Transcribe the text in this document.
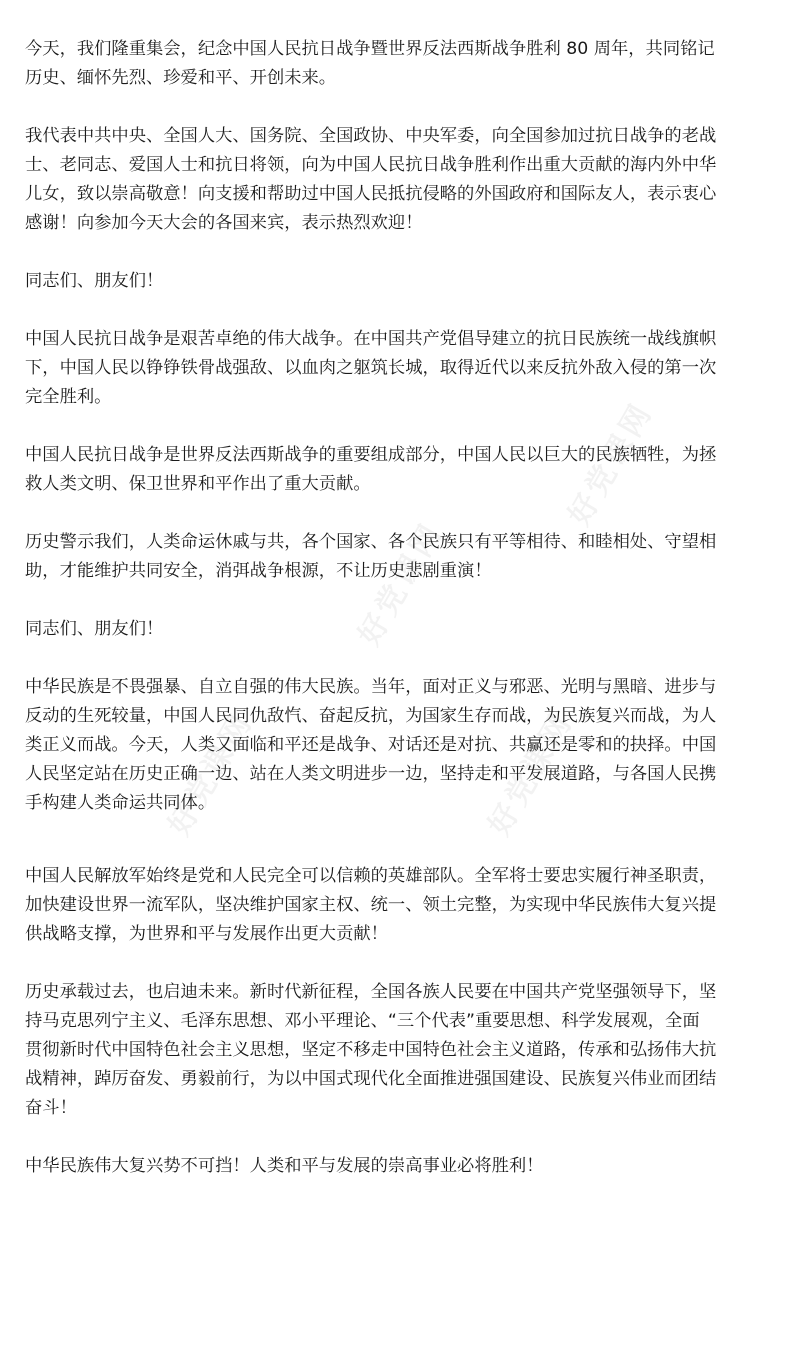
好党课网
好党课网
好党课网	好党课网

今天，我们隆重集会，纪念中国人民抗日战争暨世界反法西斯战争胜利 80 周年，共同铭记
历史、缅怀先烈、珍爱和平、开创未来。

我代表中共中央、全国人大、国务院、全国政协、中央军委，向全国参加过抗日战争的老战
士、老同志、爱国人士和抗日将领，向为中国人民抗日战争胜利作出重大贡献的海内外中华
儿女，致以崇高敬意！向支援和帮助过中国人民抵抗侵略的外国政府和国际友人，表示衷心
感谢！向参加今天大会的各国来宾，表示热烈欢迎！

同志们、朋友们！

中国人民抗日战争是艰苦卓绝的伟大战争。在中国共产党倡导建立的抗日民族统一战线旗帜
下，中国人民以铮铮铁骨战强敌、以血肉之躯筑长城，取得近代以来反抗外敌入侵的第一次
完全胜利。

中国人民抗日战争是世界反法西斯战争的重要组成部分，中国人民以巨大的民族牺牲，为拯
救人类文明、保卫世界和平作出了重大贡献。

历史警示我们，人类命运休戚与共，各个国家、各个民族只有平等相待、和睦相处、守望相
助，才能维护共同安全，消弭战争根源，不让历史悲剧重演！

同志们、朋友们！

中华民族是不畏强暴、自立自强的伟大民族。当年，面对正义与邪恶、光明与黑暗、进步与
反动的生死较量，中国人民同仇敌忾、奋起反抗，为国家生存而战，为民族复兴而战，为人
类正义而战。今天，人类又面临和平还是战争、对话还是对抗、共赢还是零和的抉择。中国
人民坚定站在历史正确一边、站在人类文明进步一边，坚持走和平发展道路，与各国人民携
手构建人类命运共同体。

中国人民解放军始终是党和人民完全可以信赖的英雄部队。全军将士要忠实履行神圣职责，
加快建设世界一流军队，坚决维护国家主权、统一、领土完整，为实现中华民族伟大复兴提
供战略支撑，为世界和平与发展作出更大贡献！

历史承载过去，也启迪未来。新时代新征程，全国各族人民要在中国共产党坚强领导下，坚
持马克思列宁主义、毛泽东思想、邓小平理论、“三个代表”重要思想、科学发展观，全面
贯彻新时代中国特色社会主义思想，坚定不移走中国特色社会主义道路，传承和弘扬伟大抗
战精神，踔厉奋发、勇毅前行，为以中国式现代化全面推进强国建设、民族复兴伟业而团结
奋斗！

中华民族伟大复兴势不可挡！人类和平与发展的崇高事业必将胜利！
